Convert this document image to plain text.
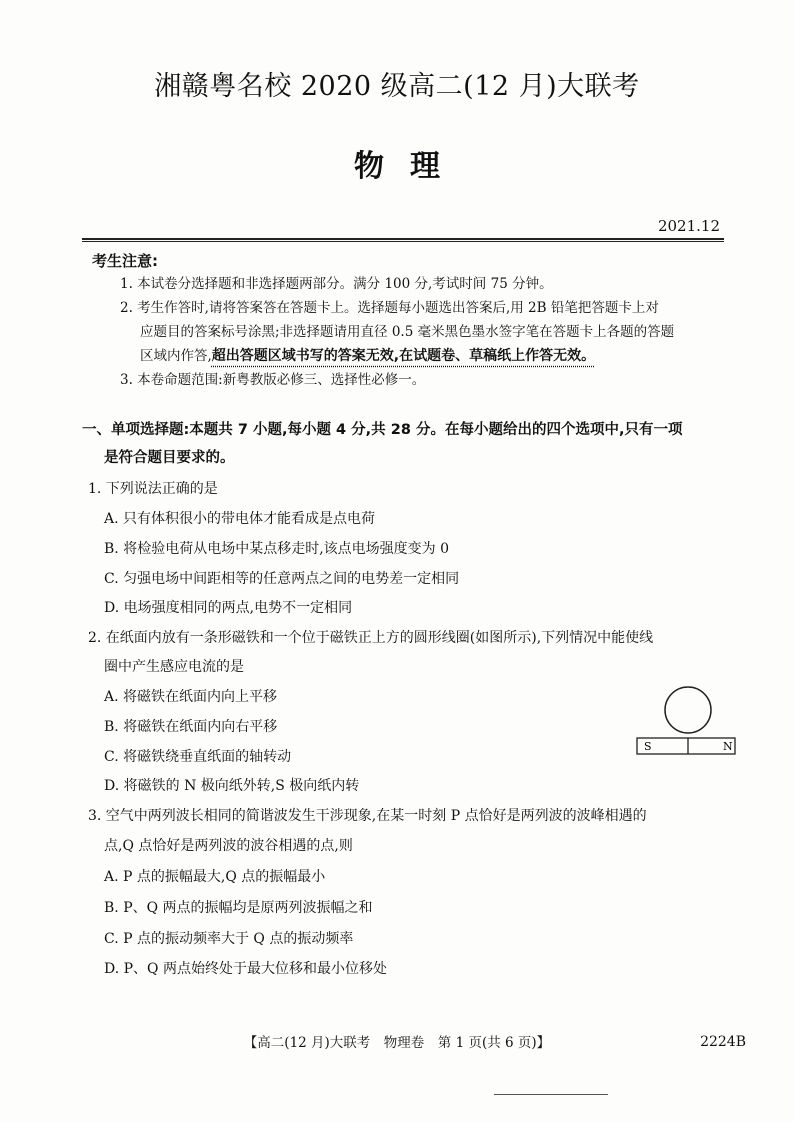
湘赣粤名校 2020 级高二(12 月)大联考
物理
2021.12
考生注意:
1. 本试卷分选择题和非选择题两部分。满分 100 分,考试时间 75 分钟。
2. 考生作答时,请将答案答在答题卡上。选择题每小题选出答案后,用 2B 铅笔把答题卡上对
应题目的答案标号涂黑;非选择题请用直径 0.5 毫米黑色墨水签字笔在答题卡上各题的答题
区域内作答,超出答题区域书写的答案无效,在试题卷、草稿纸上作答无效。
3. 本卷命题范围:新粤教版必修三、选择性必修一。
一、单项选择题:本题共 7 小题,每小题 4 分,共 28 分。在每小题给出的四个选项中,只有一项
是符合题目要求的。
1. 下列说法正确的是
A. 只有体积很小的带电体才能看成是点电荷
B. 将检验电荷从电场中某点移走时,该点电场强度变为 0
C. 匀强电场中间距相等的任意两点之间的电势差一定相同
D. 电场强度相同的两点,电势不一定相同
2. 在纸面内放有一条形磁铁和一个位于磁铁正上方的圆形线圈(如图所示),下列情况中能使线
圈中产生感应电流的是
A. 将磁铁在纸面内向上平移
B. 将磁铁在纸面内向右平移
C. 将磁铁绕垂直纸面的轴转动
D. 将磁铁的 N 极向纸外转,S 极向纸内转
S	N
3. 空气中两列波长相同的简谐波发生干涉现象,在某一时刻 P 点恰好是两列波的波峰相遇的
点,Q 点恰好是两列波的波谷相遇的点,则
A. P 点的振幅最大,Q 点的振幅最小
B. P、Q 两点的振幅均是原两列波振幅之和
C. P 点的振动频率大于 Q 点的振动频率
D. P、Q 两点始终处于最大位移和最小位移处
【高二(12 月)大联考　物理卷　第 1 页(共 6 页)】	2224B
